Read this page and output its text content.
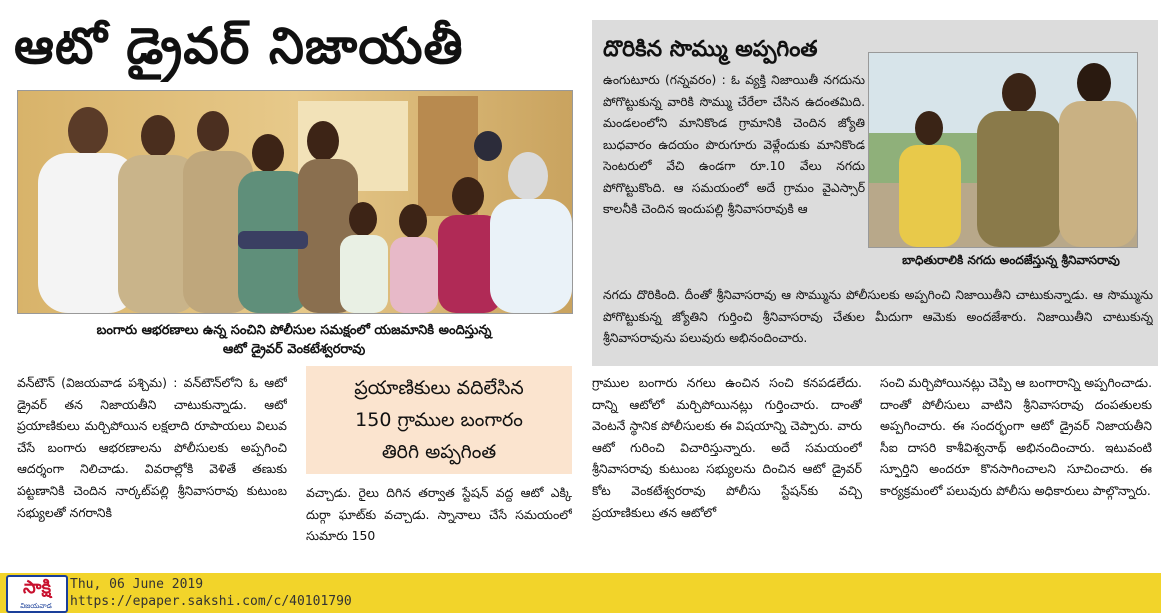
ఆటో డ్రైవర్ నిజాయతీ
బంగారు ఆభరణాలు ఉన్న సంచిని పోలీసుల సమక్షంలో యజమానికి అందిస్తున్న
ఆటో డ్రైవర్ వెంకటేశ్వరరావు
దొరికిన సొమ్ము అప్పగింత
ఉంగుటూరు (గన్నవరం) : ఓ వ్యక్తి నిజాయితీ నగదును పోగొట్టుకున్న వారికి సొమ్ము చేరేలా చేసిన ఉదంతమిది. మండలంలోని మానికొండ గ్రామానికి చెందిన జ్యోతి బుధవారం ఉదయం పొరుగూరు వెళ్లేందుకు మానికొండ సెంటరులో వేచి ఉండగా రూ.10 వేలు నగదు పోగొట్టుకొంది. ఆ సమయంలో అదే గ్రామం వైఎస్సార్ కాలనీకి చెందిన ఇందుపల్లి శ్రీనివాసరావుకి ఆ
బాధితురాలికి నగదు అందజేస్తున్న శ్రీనివాసరావు
నగదు దొరికింది. దీంతో శ్రీనివాసరావు ఆ సొమ్మును పోలీసులకు అప్పగించి నిజాయితీని చాటుకున్నాడు. ఆ సొమ్మును పోగొట్టుకున్న జ్యోతిని గుర్తించి శ్రీనివాసరావు చేతుల మీదుగా ఆమెకు అందజేశారు. నిజాయితీని చాటుకున్న శ్రీనివాసరావును పలువురు అభినందించారు.
వన్‌టౌన్ (విజయవాడ పశ్చిమ) : వన్‌టౌన్‌లోని ఓ ఆటో డ్రైవర్ తన నిజాయతీని చాటుకున్నాడు. ఆటో ప్రయాణికులు మర్చిపోయిన లక్షలాది రూపాయలు విలువ చేసే బంగారు ఆభరణాలను పోలీసులకు అప్పగించి ఆదర్శంగా నిలిచాడు. వివరాల్లోకి వెళితే తణుకు పట్టణానికి చెందిన నార్కట్‌పల్లి శ్రీనివాసరావు కుటుంబ సభ్యులతో నగరానికి
ప్రయాణికులు వదిలేసిన
150 గ్రాముల బంగారం
తిరిగి అప్పగింత
వచ్చాడు. రైలు దిగిన తర్వాత స్టేషన్ వద్ద ఆటో ఎక్కి దుర్గా ఘాట్‌కు వచ్చాడు. స్నానాలు చేసే సమయంలో సుమారు 150
గ్రాముల బంగారు నగలు ఉంచిన సంచి కనపడలేదు. దాన్ని ఆటోలో మర్చిపోయినట్లు గుర్తించారు. దాంతో వెంటనే స్థానిక పోలీసులకు ఈ విషయాన్ని చెప్పారు. వారు ఆటో గురించి విచారిస్తున్నారు. అదే సమయంలో శ్రీనివాసరావు కుటుంబ సభ్యులను దించిన ఆటో డ్రైవర్ కోట వెంకటేశ్వరరావు పోలీసు స్టేషన్‌కు వచ్చి ప్రయాణికులు తన ఆటోలో
సంచి మర్చిపోయినట్లు చెప్పి ఆ బంగారాన్ని అప్పగించాడు. దాంతో పోలీసులు వాటిని శ్రీనివాసరావు దంపతులకు అప్పగించారు. ఈ సందర్భంగా ఆటో డ్రైవర్ నిజాయతీని సీఐ దాసరి కాశీవిశ్వనాథ్ అభినందించారు. ఇటువంటి స్ఫూర్తిని అందరూ కొనసాగించాలని సూచించారు. ఈ కార్యక్రమంలో పలువురు పోలీసు అధికారులు పాల్గొన్నారు.
సాక్షి
విజయవాడ
Thu, 06 June 2019
https://epaper.sakshi.com/c/40101790
